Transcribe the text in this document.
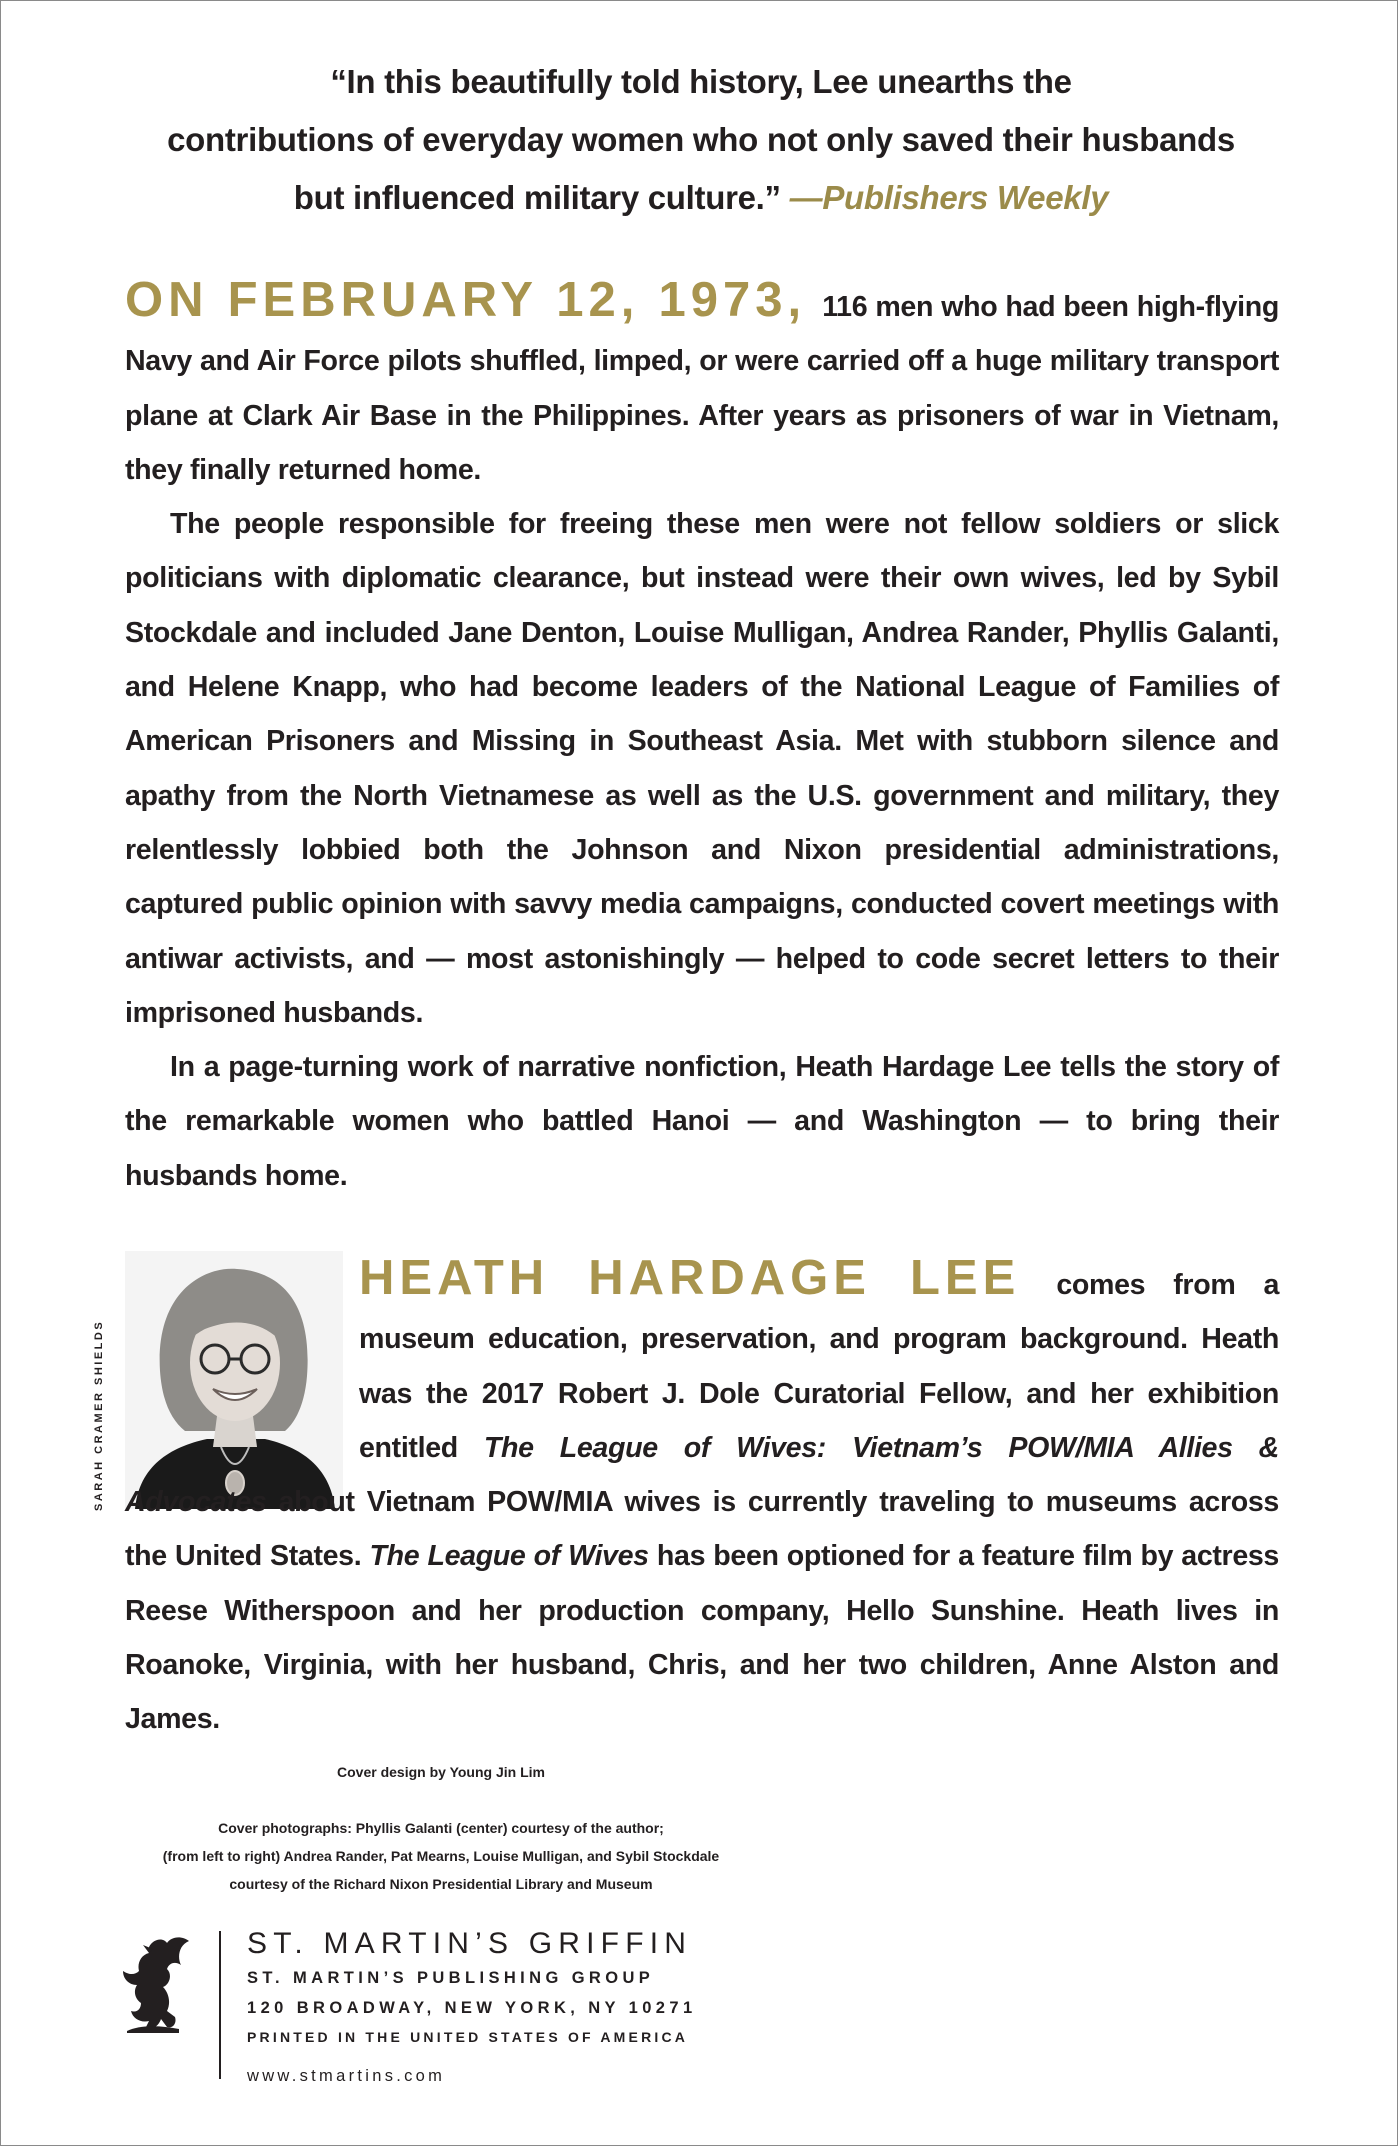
“In this beautifully told history, Lee unearths the
contributions of everyday women who not only saved their husbands
but influenced military culture.” —Publishers Weekly

ON FEBRUARY 12, 1973, 116 men who had been high-flying Navy and Air Force pilots shuffled, limped, or were carried off a huge military transport plane at Clark Air Base in the Philippines. After years as prisoners of war in Vietnam, they finally returned home.

The people responsible for freeing these men were not fellow soldiers or slick politicians with diplomatic clearance, but instead were their own wives, led by Sybil Stockdale and included Jane Denton, Louise Mulligan, Andrea Rander, Phyllis Galanti, and Helene Knapp, who had become leaders of the National League of Families of American Prisoners and Missing in Southeast Asia. Met with stubborn silence and apathy from the North Vietnamese as well as the U.S. government and military, they relentlessly lobbied both the Johnson and Nixon presidential administrations, captured public opinion with savvy media campaigns, conducted covert meetings with antiwar activists, and — most astonishingly — helped to code secret letters to their imprisoned husbands.

In a page-turning work of narrative nonfiction, Heath Hardage Lee tells the story of the remarkable women who battled Hanoi — and Washington — to bring their husbands home.

SARAH CRAMER SHIELDS

HEATH HARDAGE LEE comes from a museum education, preservation, and program background. Heath was the 2017 Robert J. Dole Curatorial Fellow, and her exhibition entitled The League of Wives: Vietnam’s POW/MIA Allies & Advocates about Vietnam POW/MIA wives is currently traveling to museums across the United States. The League of Wives has been optioned for a feature film by actress Reese Witherspoon and her production company, Hello Sunshine. Heath lives in Roanoke, Virginia, with her husband, Chris, and her two children, Anne Alston and James.

Cover design by Young Jin Lim
Cover photographs: Phyllis Galanti (center) courtesy of the author;
(from left to right) Andrea Rander, Pat Mearns, Louise Mulligan, and Sybil Stockdale
courtesy of the Richard Nixon Presidential Library and Museum
ST. MARTIN’S GRIFFIN
ST. MARTIN’S PUBLISHING GROUP
120 BROADWAY, NEW YORK, NY 10271
PRINTED IN THE UNITED STATES OF AMERICA
www.stmartins.com
